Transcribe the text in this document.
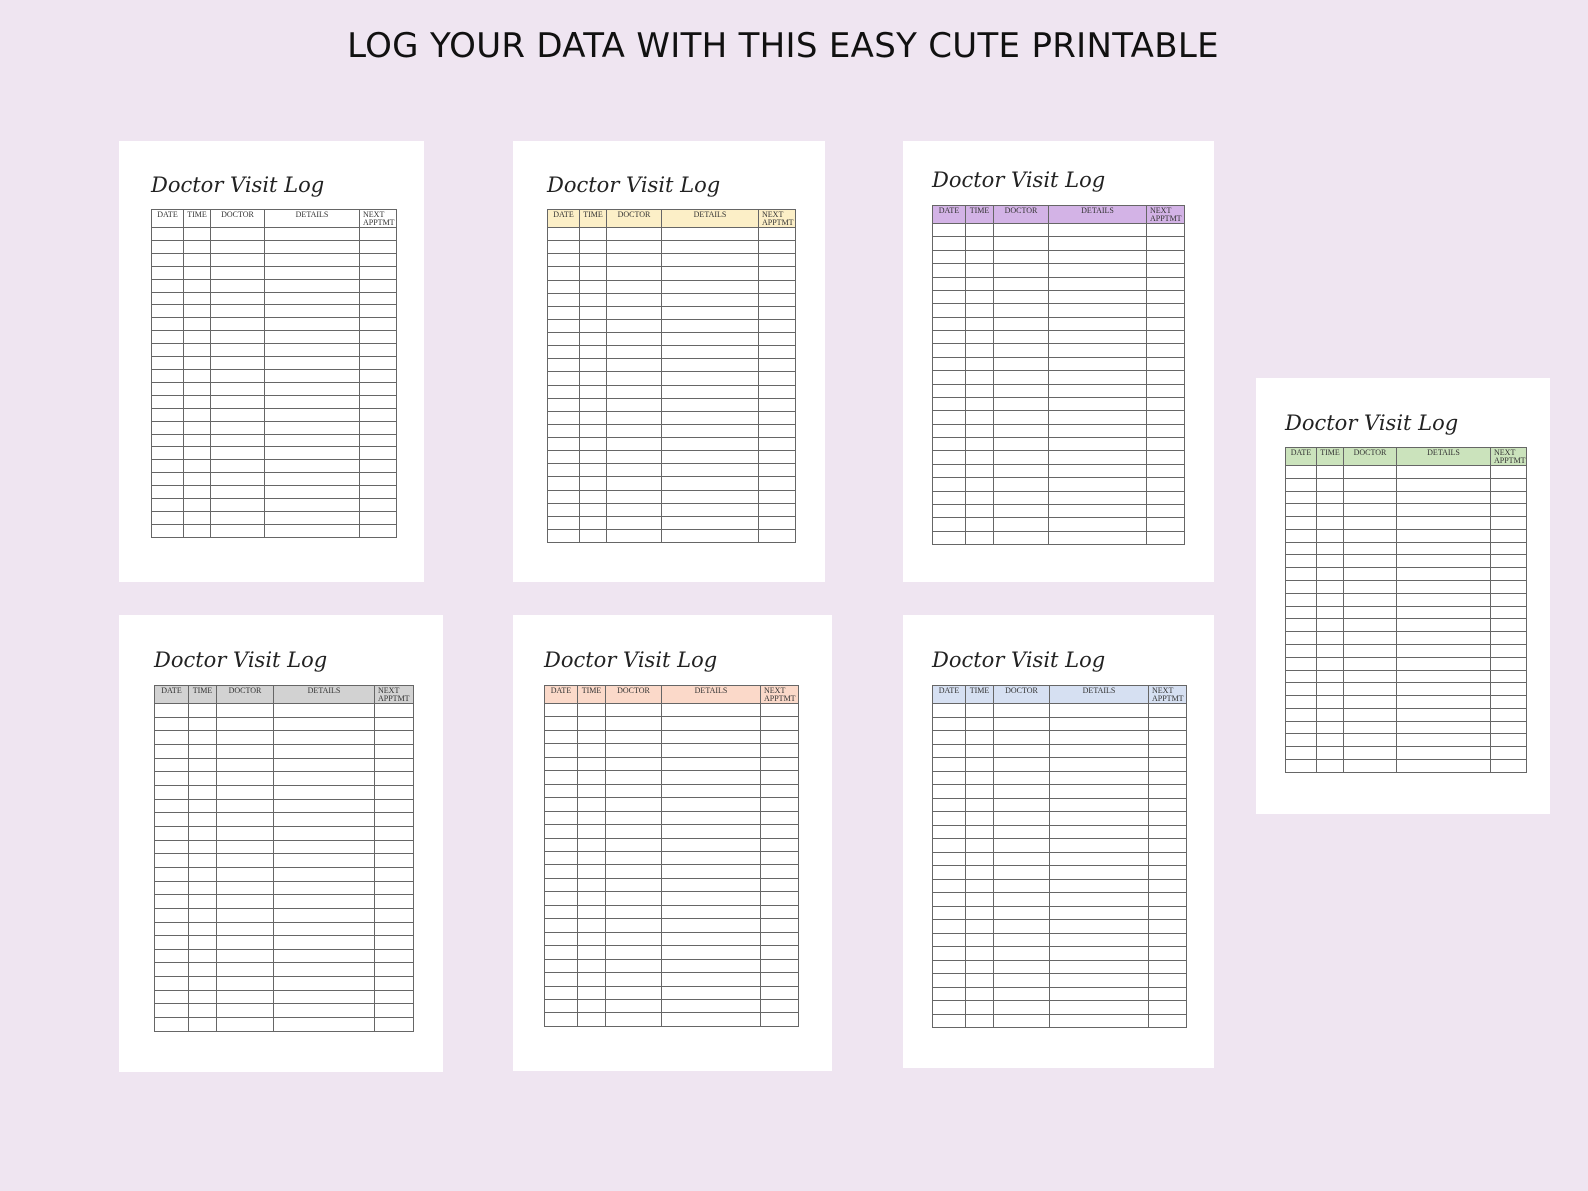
LOG YOUR DATA WITH THIS EASY CUTE PRINTABLE
Doctor Visit Log
DATE	TIME	DOCTOR	DETAILS	NEXT APPTMT

Doctor Visit Log
DATE	TIME	DOCTOR	DETAILS	NEXT APPTMT

Doctor Visit Log
DATE	TIME	DOCTOR	DETAILS	NEXT APPTMT

Doctor Visit Log
DATE	TIME	DOCTOR	DETAILS	NEXT APPTMT

Doctor Visit Log
DATE	TIME	DOCTOR	DETAILS	NEXT APPTMT

Doctor Visit Log
DATE	TIME	DOCTOR	DETAILS	NEXT APPTMT

Doctor Visit Log
DATE	TIME	DOCTOR	DETAILS	NEXT APPTMT
